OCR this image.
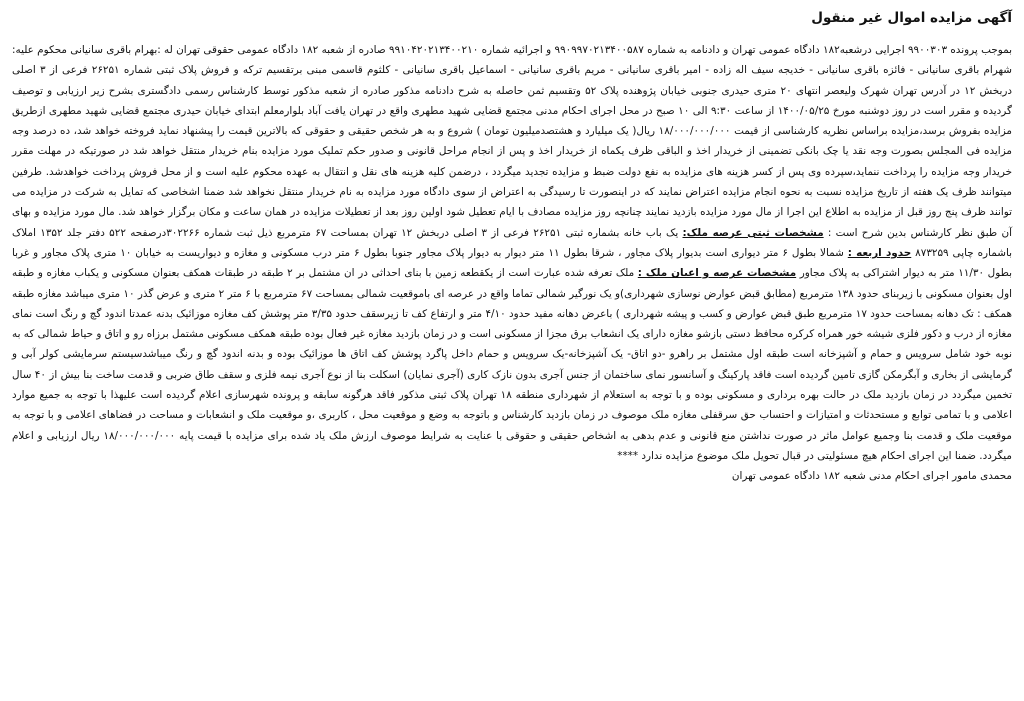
آگهی مزایده اموال غیر منقول

بموجب پرونده ۹۹۰۰۳۰۳ اجرایی درشعبه۱۸۲ دادگاه عمومی تهران و دادنامه به شماره ۹۹۰۹۹۷۰۲۱۳۴۰۰۵۸۷ و اجرائیه شماره ۹۹۱۰۴۲۰۲۱۳۴۰۰۲۱۰ صادره از شعبه ۱۸۲ دادگاه عمومی حقوقی تهران له :بهرام باقری سانیانی محکوم علیه: شهرام باقری سانیانی - فائزه باقری سانیانی - خدیجه سیف اله زاده - امیر باقری سانیانی - مریم باقری سانیانی - اسماعیل باقری سانیانی - کلثوم قاسمی مبنی برتقسیم ترکه و فروش پلاک ثبتی شماره ۲۶۲۵۱ فرعی از ۳ اصلی دربخش ۱۲ در آدرس تهران شهرک ولیعصر انتهای ۲۰ متری حیدری جنوبی خیابان پژوهنده پلاک ۵۲ وتقسیم ثمن حاصله به شرح دادنامه مذکور صادره از شعبه مذکور توسط کارشناس رسمی دادگستری بشرح زیر ارزیابی و توصیف گردیده و مقرر است در روز دوشنبه مورخ ۱۴۰۰/۰۵/۲۵ از ساعت ۹:۳۰ الی ۱۰ صبح در محل اجرای احکام مدنی مجتمع قضایی شهید مطهری واقع در تهران یافت آباد بلوارمعلم ابتدای خیابان حیدری مجتمع قضایی شهید مطهری ازطریق مزایده بفروش برسد،مزایده براساس نظریه کارشناسی از قیمت ۱۸/۰۰۰/۰۰۰/۰۰۰ ریال( یک میلیارد و هشتصدمیلیون تومان ) شروع و به هر شخص حقیقی و حقوقی که بالاترین قیمت را پیشنهاد نماید فروخته خواهد شد، ده درصد وجه مزایده فی المجلس بصورت وجه نقد یا چک بانکی تضمینی از خریدار اخذ و الباقی ظرف یکماه از خریدار اخذ و پس از انجام مراحل قانونی و صدور حکم تملیک مورد مزایده بنام خریدار منتقل خواهد شد در صورتیکه در مهلت مقرر خریدار وجه مزایده را پرداخت ننماید،سپرده وی پس از کسر هزینه های مزایده به نفع دولت ضبط و مزایده تجدید میگردد ، درضمن کلیه هزینه های نقل و انتقال به عهده محکوم علیه است و از محل فروش پرداخت خواهدشد. طرفین میتوانند ظرف یک هفته از تاریخ مزایده نسبت به نحوه انجام مزایده اعتراض نمایند که در اینصورت تا رسیدگی به اعتراض از سوی دادگاه مورد مزایده به نام خریدار منتقل نخواهد شد ضمنا اشخاصی که تمایل به شرکت در مزایده می توانند ظرف پنج روز قبل از مزایده به اطلاع این اجرا از مال مورد مزایده بازدید نمایند چنانچه روز مزایده مصادف با ایام تعطیل شود اولین روز بعد از تعطیلات مزایده در همان ساعت و مکان برگزار خواهد شد. مال مورد مزایده و بهای آن طبق نظر کارشناس بدین شرح است : مشخصات ثبتی عرصه ملک: یک باب خانه بشماره ثبتی ۲۶۲۵۱ فرعی از ۳ اصلی دربخش ۱۲ تهران بمساحت ۶۷ مترمربع ذیل ثبت شماره ۳۰۲۲۶۶درصفحه ۵۲۲ دفتر جلد ۱۳۵۲ املاک باشماره چاپی ۸۷۳۲۵۹ حدود اربعه : شمالا بطول ۶ متر دیواری است بدیوار پلاک مجاور ، شرقا بطول ۱۱ متر دیوار به دیوار پلاک مجاور جنوبا بطول ۶ متر درب مسکونی و مغازه و دیواریست به خیابان ۱۰ متری پلاک مجاور و غربا بطول ۱۱/۳۰ متر به دیوار اشتراکی به پلاک مجاور مشخصات عرصه و اعیان ملک : ملک تعرفه شده عبارت است از یکقطعه زمین با بنای احداثی در ان مشتمل بر ۲ طبقه در طبقات همکف بعنوان مسکونی و یکباب مغازه و طبقه اول بعنوان مسکونی با زیربنای حدود ۱۳۸ مترمربع (مطابق قبض عوارض نوسازی شهرداری)و یک نورگیر شمالی تماما واقع در عرصه ای باموقعیت شمالی بمساحت ۶۷ مترمربع با ۶ متر ۲ متری و عرض گذر ۱۰ متری میباشد مغازه طبقه همکف : تک دهانه بمساحت حدود ۱۷ مترمربع طبق قبض عوارض و کسب و پیشه شهرداری ) باعرض دهانه مفید حدود ۴/۱۰ متر و ارتفاع کف تا زیرسقف حدود ۳/۳۵ متر پوشش کف مغازه موزائیک بدنه عمدتا اندود گچ و رنگ است نمای مغازه از درب و دکور فلزی شیشه خور همراه کرکره محافظ دستی بازشو مغازه دارای یک انشعاب برق مجزا از مسکونی است و در زمان بازدید مغازه غیر فعال بوده طبقه همکف مسکونی مشتمل برزاه رو و اتاق و حیاط شمالی که به نوبه خود شامل سرویس و حمام و آشپزخانه است طبقه اول مشتمل بر راهرو -دو اتاق- یک آشپزخانه-یک سرویس و حمام داخل پاگرد پوشش کف اتاق ها موزائیک بوده و بدنه اندود گچ و رنگ میباشدسیستم سرمایشی کولر آبی و گرمایشی از بخاری و آبگرمکن گازی تامین گردیده است فاقد پارکینگ و آسانسور نمای ساختمان از جنس آجری بدون نازک کاری (آجری نمایان) اسکلت بنا از نوع آجری نیمه فلزی و سقف طاق ضربی و قدمت ساخت بنا بیش از ۴۰ سال تخمین میگردد در زمان بازدید ملک در حالت بهره برداری و مسکونی بوده و با توجه به استعلام از شهرداری منطقه ۱۸ تهران پلاک ثبتی مذکور فاقد هرگونه سابقه و پرونده شهرسازی اعلام گردیده است علیهذا با توجه به جمیع موارد اعلامی و با تمامی توابع و مستحدثات و امتیازات و احتساب حق سرقفلی مغازه ملک موصوف در زمان بازدید کارشناس و باتوجه به وضع و موقعیت محل ، کاربری ،و موقعیت ملک و انشعابات و مساحت در فضاهای اعلامی و با توجه به موقعیت ملک و قدمت بنا وجمیع عوامل ماثر در صورت نداشتن منع قانونی و عدم بدهی به اشخاص حقیقی و حقوقی با عنایت به شرایط موصوف ارزش ملک یاد شده برای مزایده با قیمت پایه ۱۸/۰۰۰/۰۰۰/۰۰۰ ریال ارزیابی و اعلام میگردد. ضمنا این اجرای احکام هیچ مسئولیتی در قبال تحویل ملک موضوع مزایده ندارد ****

محمدی مامور اجرای احکام مدنی شعبه ۱۸۲ دادگاه عمومی تهران
